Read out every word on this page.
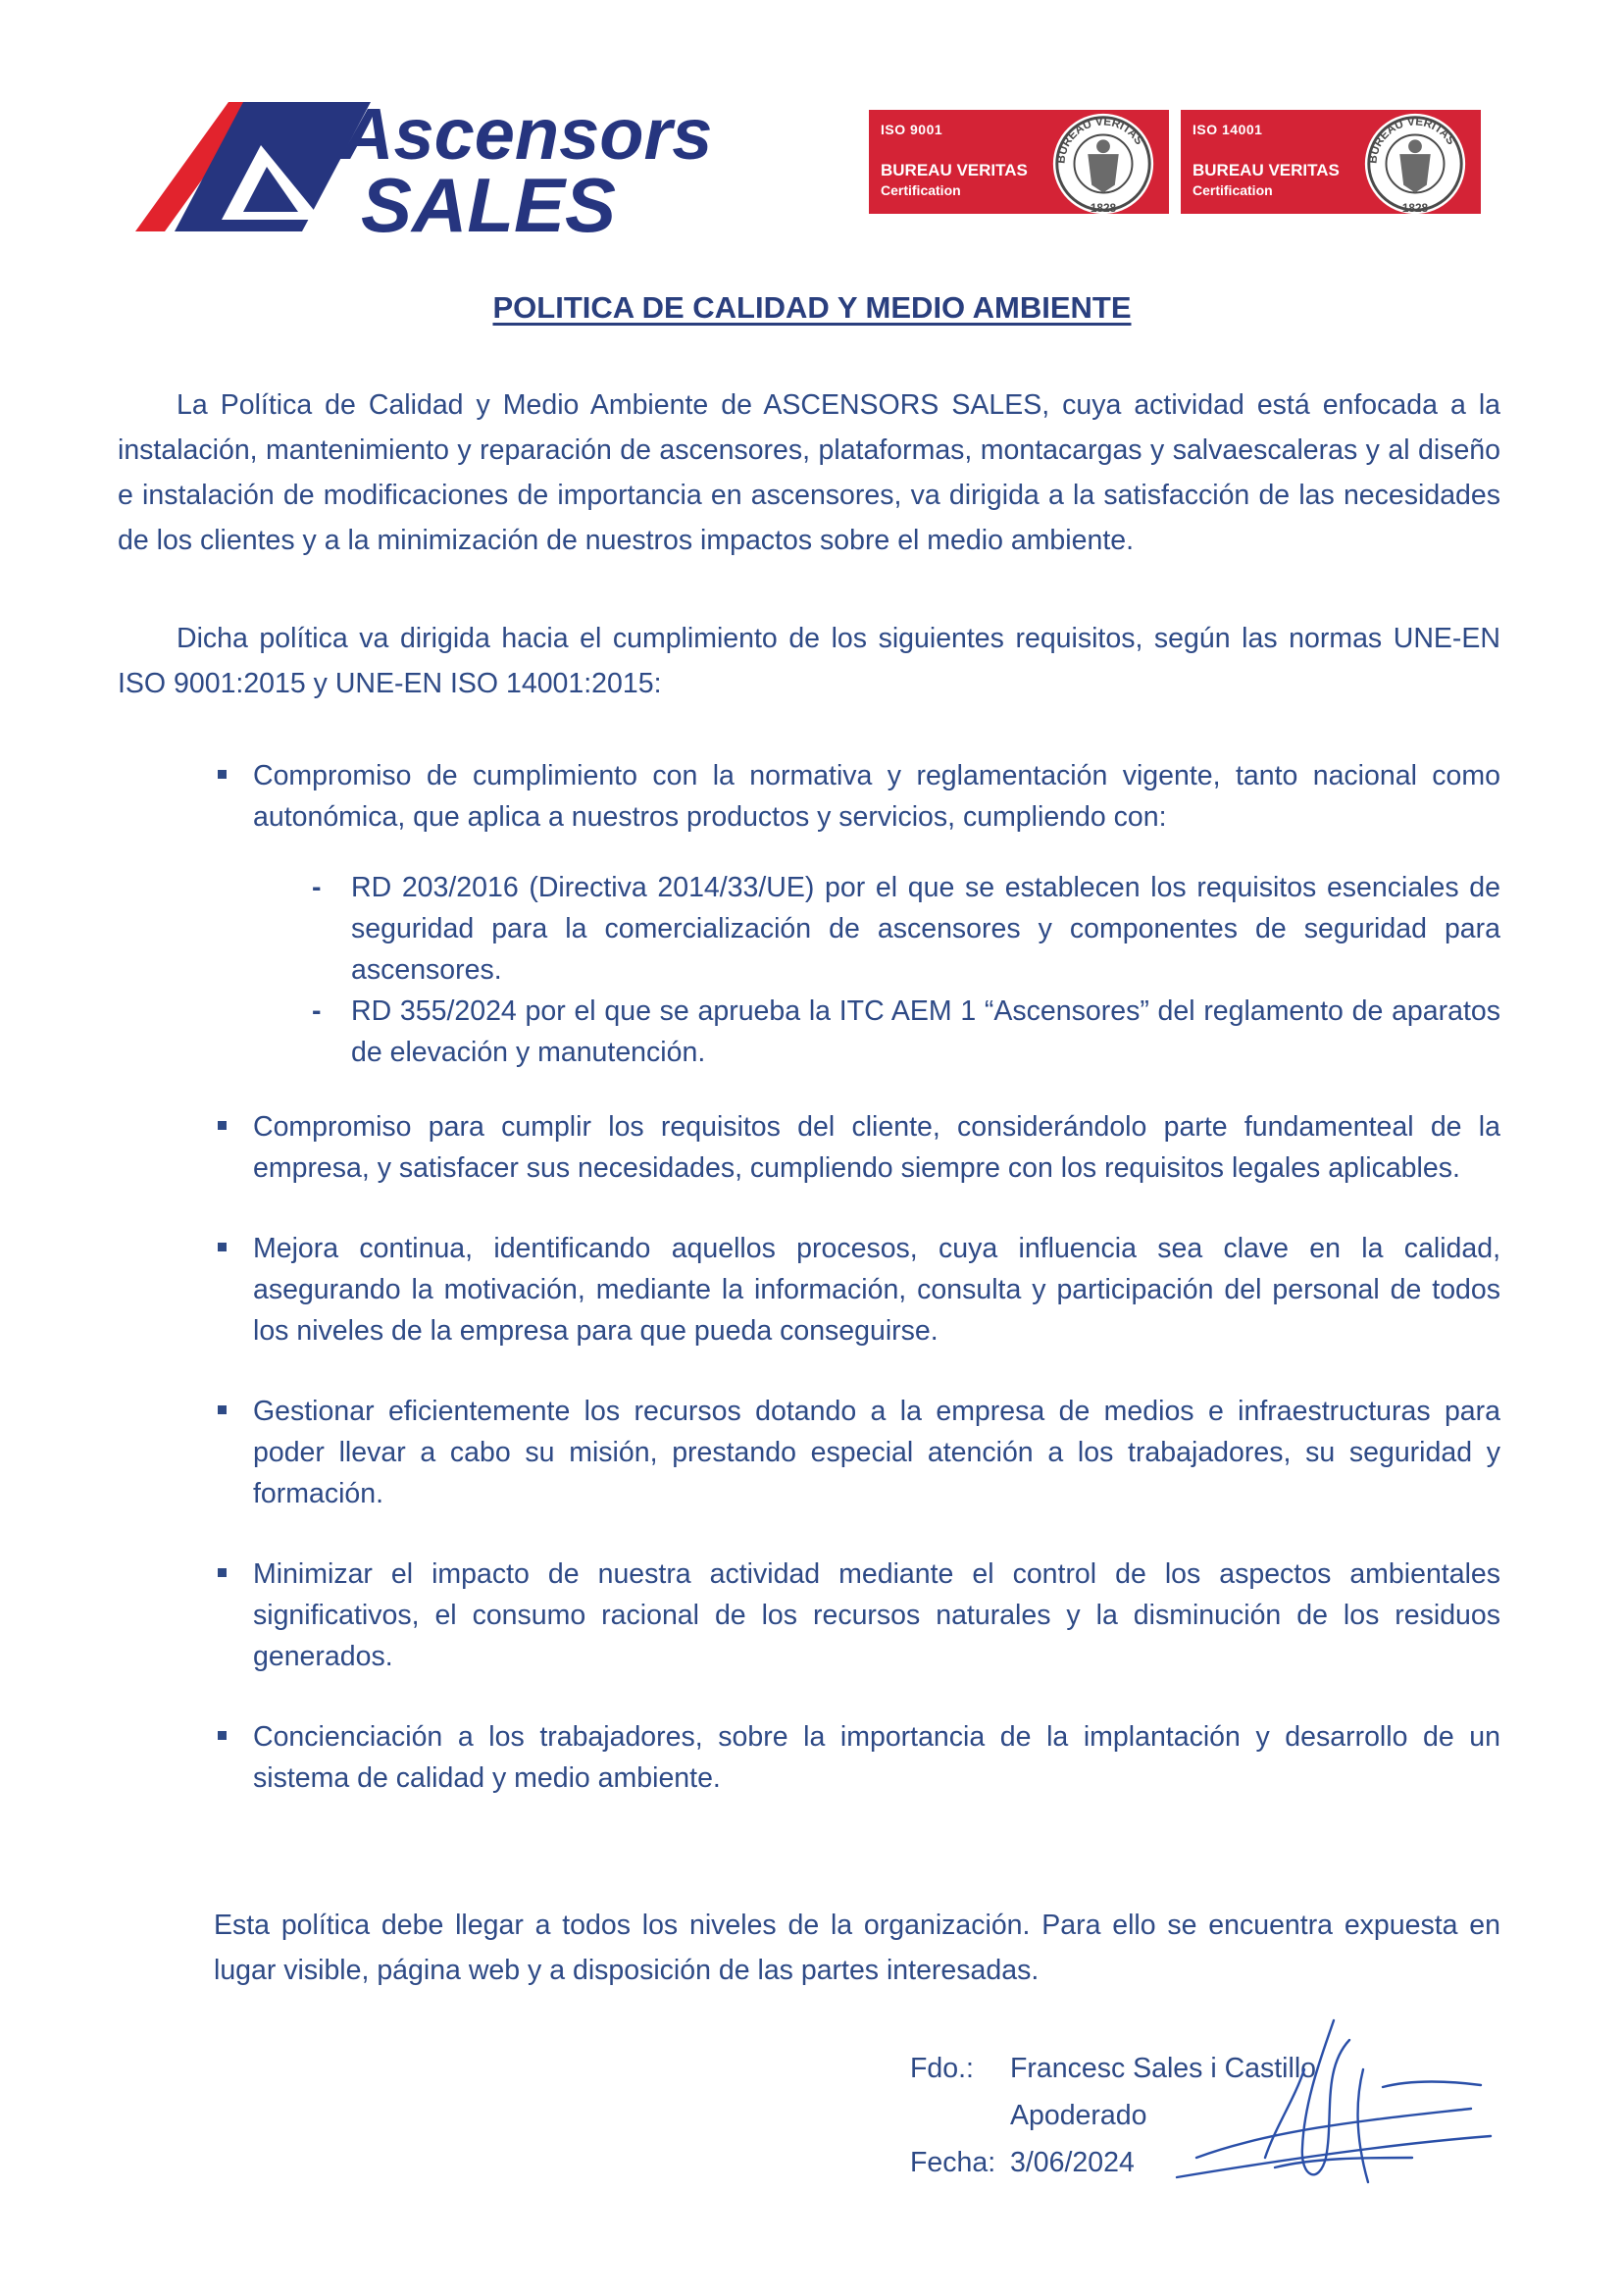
Ascensors
SALES
ISO 9001
BUREAU VERITAS
Certification
BUREAU VERITAS
1828
ISO 14001
BUREAU VERITAS
Certification
BUREAU VERITAS
1828
POLITICA DE CALIDAD Y MEDIO AMBIENTE
La Política de Calidad y Medio Ambiente de ASCENSORS SALES, cuya actividad está enfocada a la instalación, mantenimiento y reparación de ascensores, plataformas, montacargas y salvaescaleras y al diseño e instalación de modificaciones de importancia en ascensores, va dirigida a la satisfacción de las necesidades de los clientes y a la minimización de nuestros impactos sobre el medio ambiente.
Dicha política va dirigida hacia el cumplimiento de los siguientes requisitos, según las normas UNE-EN ISO 9001:2015 y UNE-EN ISO 14001:2015:
Compromiso de cumplimiento con la normativa y reglamentación vigente, tanto nacional como autonómica, que aplica a nuestros productos y servicios, cumpliendo con:
- RD 203/2016 (Directiva 2014/33/UE) por el que se establecen los requisitos esenciales de seguridad para la comercialización de ascensores y componentes de seguridad para ascensores.
- RD 355/2024 por el que se aprueba la ITC AEM 1 “Ascensores” del reglamento de aparatos de elevación y manutención.
Compromiso para cumplir los requisitos del cliente, considerándolo parte fundamenteal de la empresa, y satisfacer sus necesidades, cumpliendo siempre con los requisitos legales aplicables.
Mejora continua, identificando aquellos procesos, cuya influencia sea clave en la calidad, asegurando la motivación, mediante la información, consulta y participación del personal de todos los niveles de la empresa para que pueda conseguirse.
Gestionar eficientemente los recursos dotando a la empresa de medios e infraestructuras para poder llevar a cabo su misión, prestando especial atención a los trabajadores, su seguridad y formación.
Minimizar el impacto de nuestra actividad mediante el control de los aspectos ambientales significativos, el consumo racional de los recursos naturales y la disminución de los residuos generados.
Concienciación a los trabajadores, sobre la importancia de la implantación y desarrollo de un sistema de calidad y medio ambiente.
Esta política debe llegar a todos los niveles de la organización. Para ello se encuentra expuesta en lugar visible, página web y a disposición de las partes interesadas.
Fdo.: Francesc Sales i Castillo
Apoderado
Fecha: 3/06/2024
